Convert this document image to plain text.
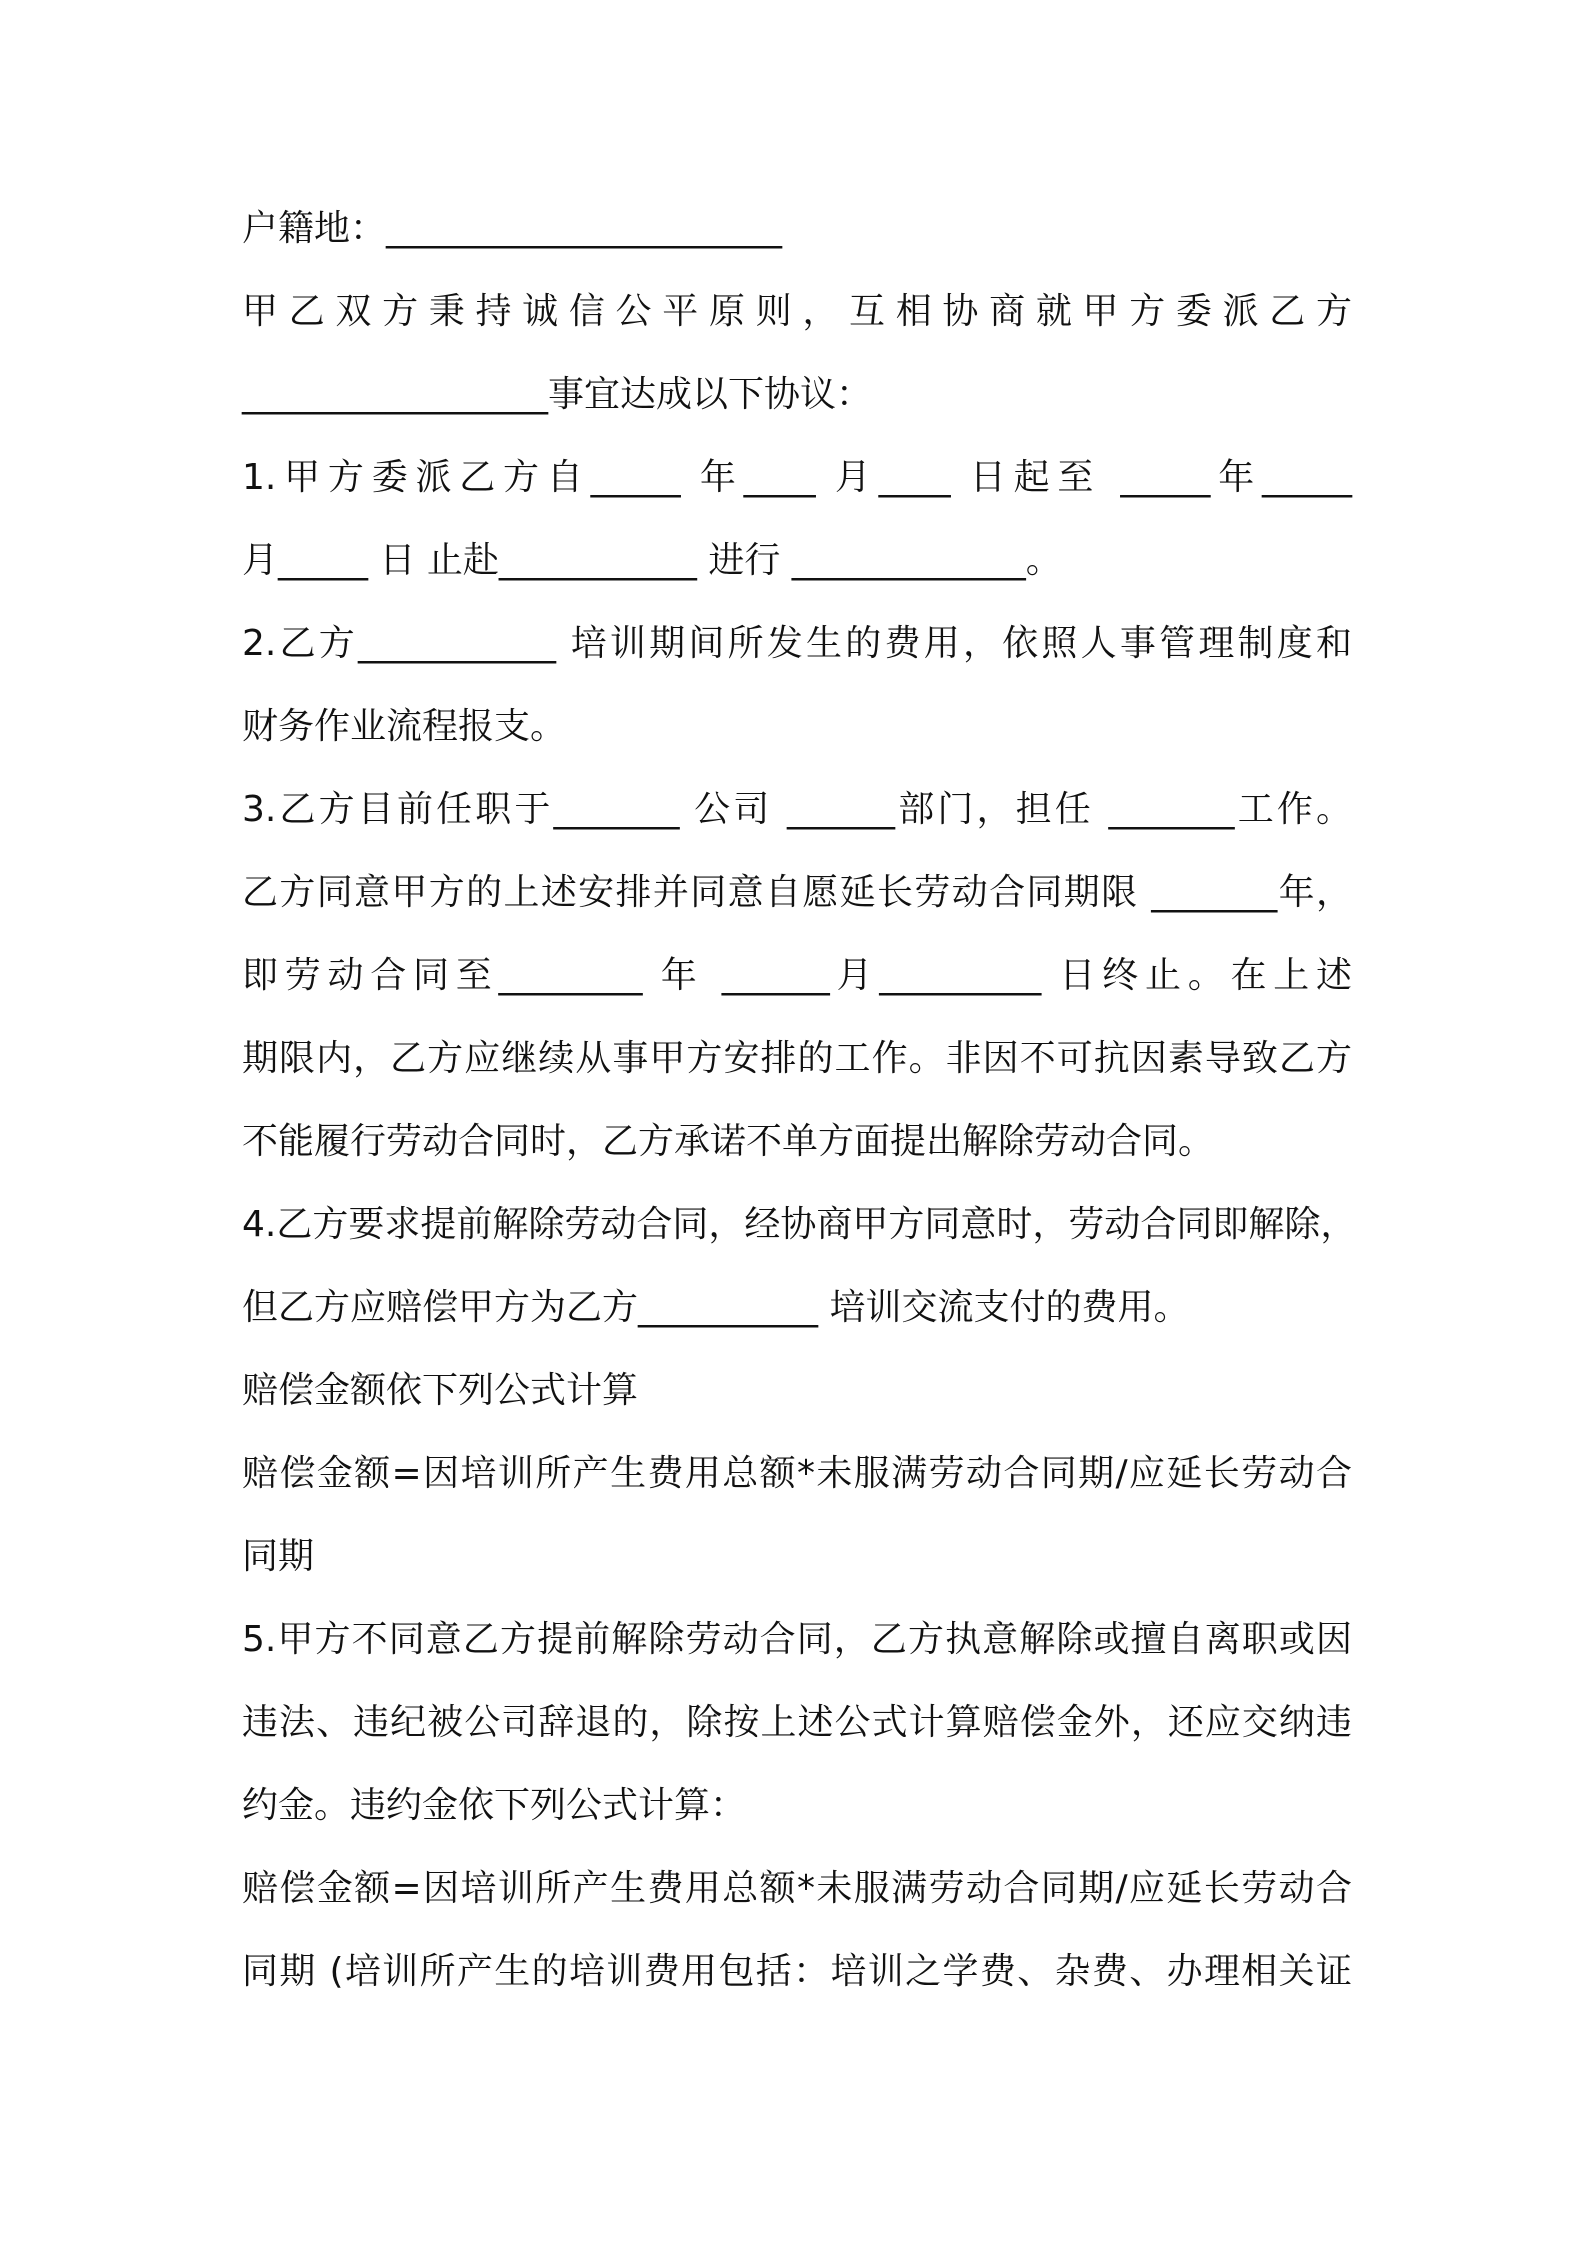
户籍地：______________________
甲乙双方秉持诚信公平原则，互相协商就甲方委派乙方
_________________事宜达成以下协议：
1.甲方委派乙方自_____ 年____ 月____ 日起至 _____年_____
月_____ 日 止赴___________ 进行 _____________。
2.乙方___________ 培训期间所发生的费用，依照人事管理制度和
财务作业流程报支。
3.乙方目前任职于_______ 公司 ______部门，担任 _______工作。
乙方同意甲方的上述安排并同意自愿延长劳动合同期限 _______年，
即劳动合同至________ 年 ______月_________ 日终止。在上述
期限内，乙方应继续从事甲方安排的工作。非因不可抗因素导致乙方
不能履行劳动合同时，乙方承诺不单方面提出解除劳动合同。
4.乙方要求提前解除劳动合同，经协商甲方同意时，劳动合同即解除，
但乙方应赔偿甲方为乙方__________ 培训交流支付的费用。
赔偿金额依下列公式计算
赔偿金额=因培训所产生费用总额*未服满劳动合同期/应延长劳动合
同期
5.甲方不同意乙方提前解除劳动合同，乙方执意解除或擅自离职或因
违法、违纪被公司辞退的，除按上述公式计算赔偿金外，还应交纳违
约金。违约金依下列公式计算：
赔偿金额=因培训所产生费用总额*未服满劳动合同期/应延长劳动合
同期 (培训所产生的培训费用包括：培训之学费、杂费、办理相关证
